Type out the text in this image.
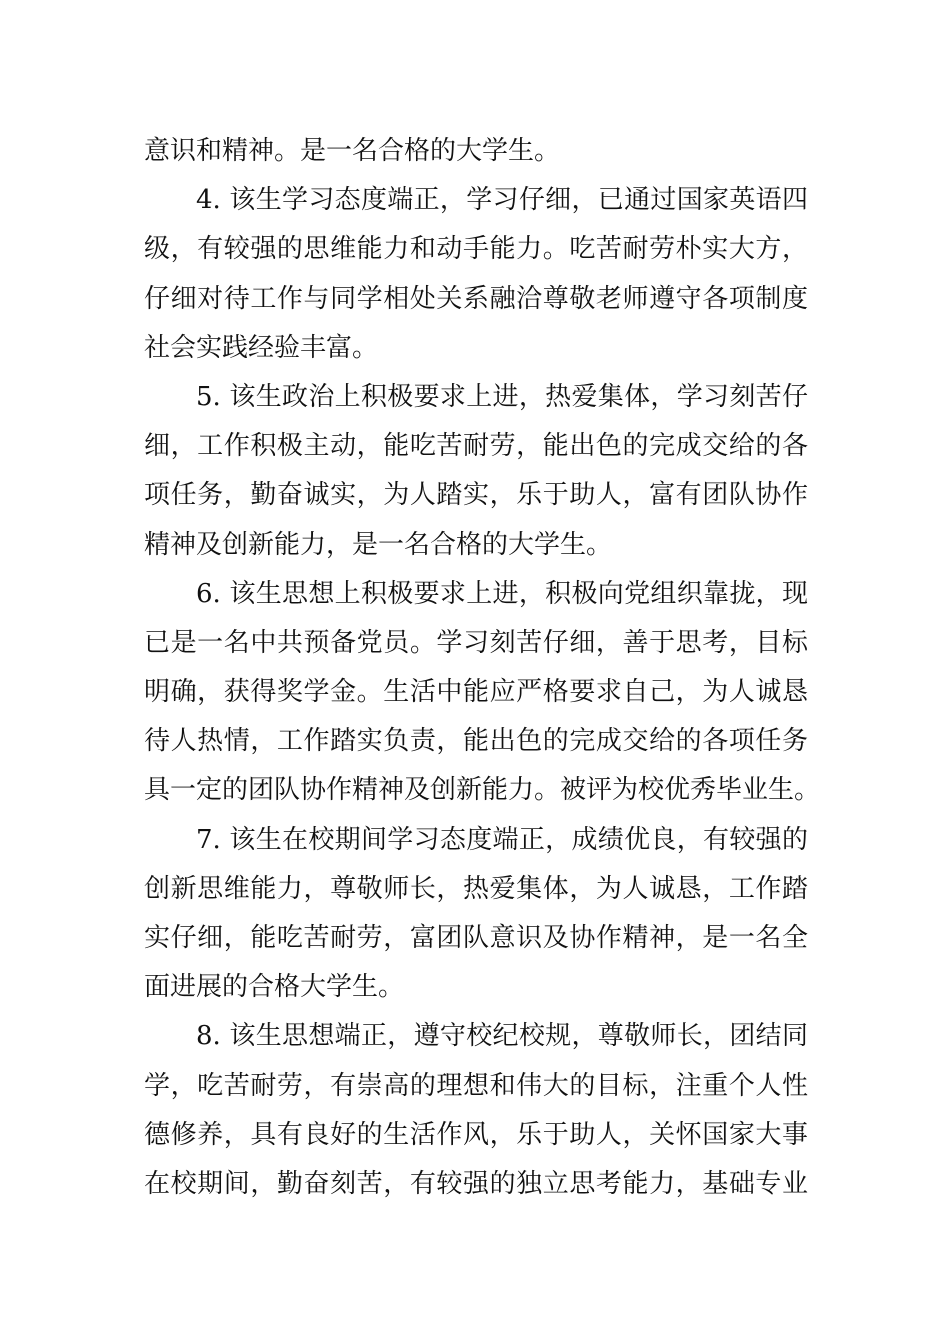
意识和精神。是一名合格的大学生。
4. 该生学习态度端正，学习仔细，已通过国家英语四
级，有较强的思维能力和动手能力。吃苦耐劳朴实大方，
仔细对待工作与同学相处关系融洽尊敬老师遵守各项制度
社会实践经验丰富。
5. 该生政治上积极要求上进，热爱集体，学习刻苦仔
细，工作积极主动，能吃苦耐劳，能出色的完成交给的各
项任务，勤奋诚实，为人踏实，乐于助人，富有团队协作
精神及创新能力，是一名合格的大学生。
6. 该生思想上积极要求上进，积极向党组织靠拢，现
已是一名中共预备党员。学习刻苦仔细，善于思考，目标
明确，获得奖学金。生活中能应严格要求自己，为人诚恳
待人热情，工作踏实负责，能出色的完成交给的各项任务
具一定的团队协作精神及创新能力。被评为校优秀毕业生。
7. 该生在校期间学习态度端正，成绩优良，有较强的
创新思维能力，尊敬师长，热爱集体，为人诚恳，工作踏
实仔细，能吃苦耐劳，富团队意识及协作精神，是一名全
面进展的合格大学生。
8. 该生思想端正，遵守校纪校规，尊敬师长，团结同
学，吃苦耐劳，有崇高的理想和伟大的目标，注重个人性
德修养，具有良好的生活作风，乐于助人，关怀国家大事
在校期间，勤奋刻苦，有较强的独立思考能力，基础专业
